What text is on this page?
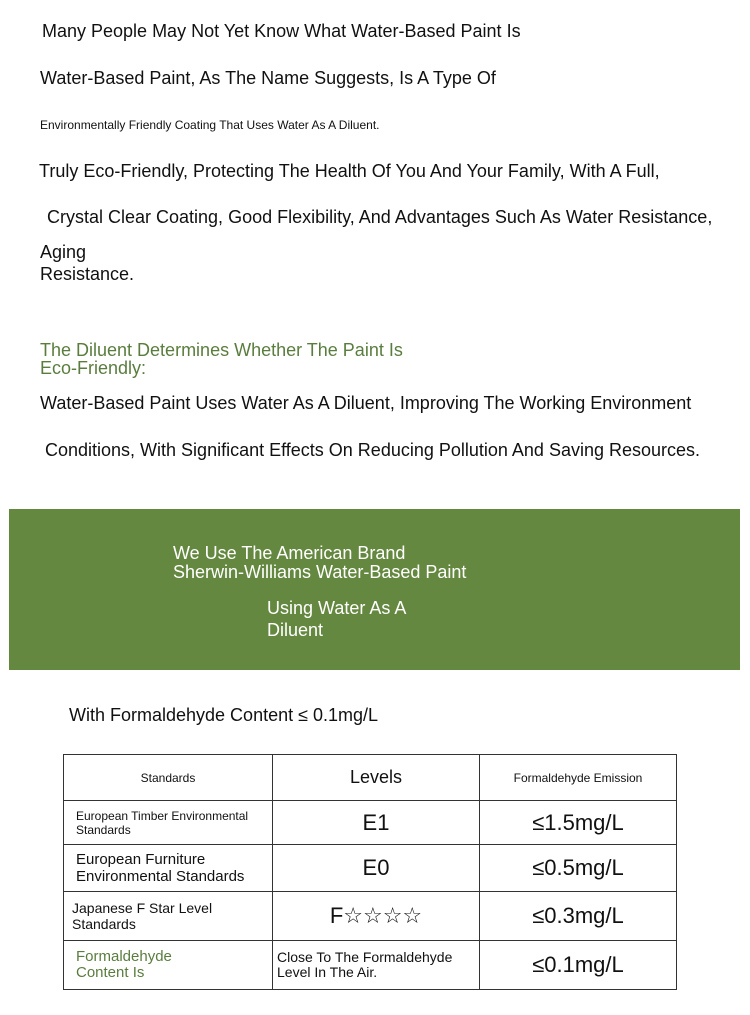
Many People May Not Yet Know What Water-Based Paint Is
Water-Based Paint, As The Name Suggests, Is A Type Of
Environmentally Friendly Coating That Uses Water As A Diluent.
Truly Eco-Friendly, Protecting The Health Of You And Your Family, With A Full,
Crystal Clear Coating, Good Flexibility, And Advantages Such As Water Resistance,
Aging
Resistance.
The Diluent Determines Whether The Paint Is
Eco-Friendly:
Water-Based Paint Uses Water As A Diluent, Improving The Working Environment
Conditions, With Significant Effects On Reducing Pollution And Saving Resources.
We Use The American Brand
Sherwin-Williams Water-Based Paint
Using Water As A
Diluent
With Formaldehyde Content ≤ 0.1mg/L
Standards	Levels	Formaldehyde Emission
European Timber Environmental Standards	E1	≤1.5mg/L
European Furniture Environmental Standards	E0	≤0.5mg/L
Japanese F Star Level Standards	F☆☆☆☆	≤0.3mg/L

Formaldehyde Content Is	Close To The Formaldehyde Level In The Air.	≤0.1mg/L
